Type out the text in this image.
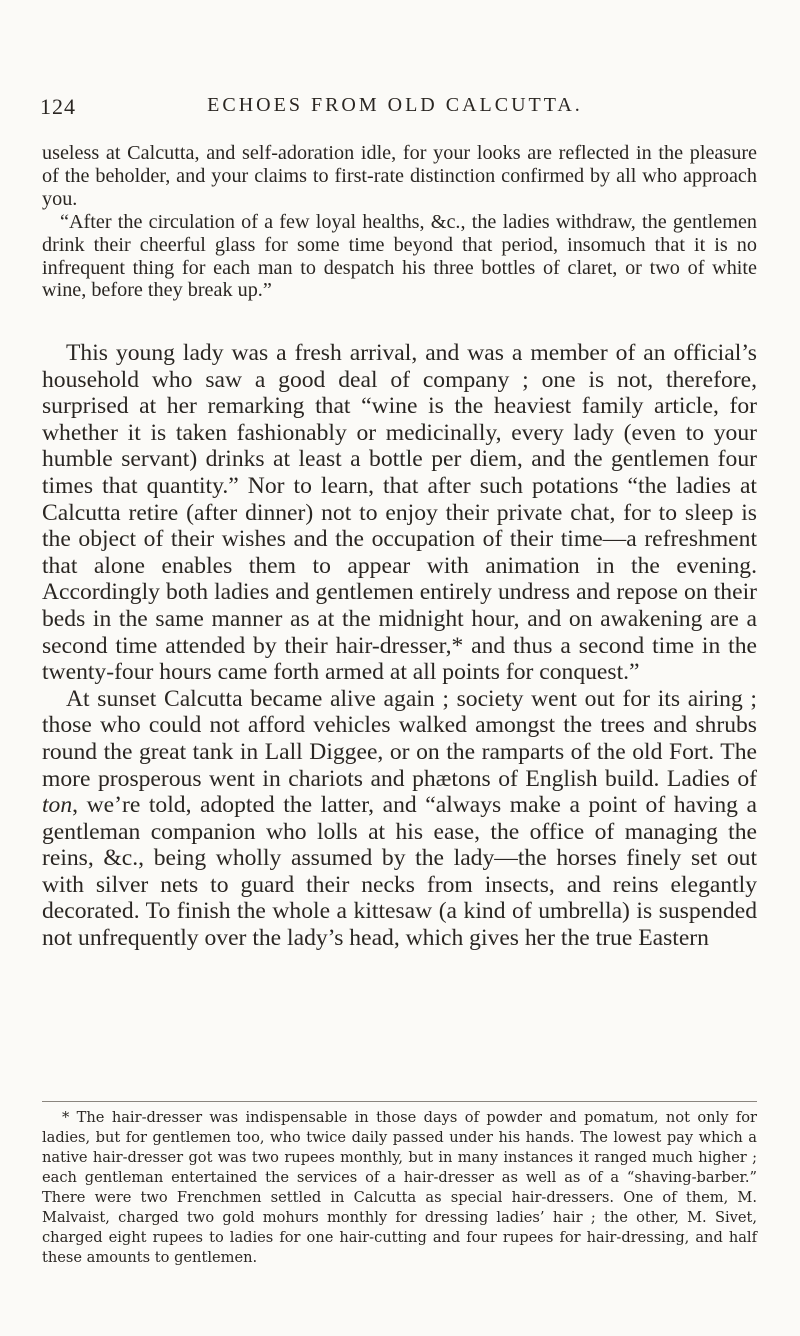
124	ECHOES FROM OLD CALCUTTA.

useless at Calcutta, and self-adoration idle, for your looks are reflected in the pleasure of the beholder, and your claims to first-rate distinction confirmed by all who approach you.

“After the circulation of a few loyal healths, &c., the ladies withdraw, the gentlemen drink their cheerful glass for some time beyond that period, insomuch that it is no infrequent thing for each man to despatch his three bottles of claret, or two of white wine, before they break up.”

This young lady was a fresh arrival, and was a member of an official’s household who saw a good deal of company ; one is not, therefore, surprised at her remarking that “wine is the heaviest family article, for whether it is taken fashionably or medicinally, every lady (even to your humble servant) drinks at least a bottle per diem, and the gentlemen four times that quantity.” Nor to learn, that after such potations “the ladies at Calcutta retire (after dinner) not to enjoy their private chat, for to sleep is the object of their wishes and the occupation of their time—a refreshment that alone enables them to appear with animation in the evening. Accordingly both ladies and gentlemen entirely undress and repose on their beds in the same manner as at the midnight hour, and on awakening are a second time attended by their hair-dresser,* and thus a second time in the twenty-four hours came forth armed at all points for conquest.”

At sunset Calcutta became alive again ; society went out for its airing ; those who could not afford vehicles walked amongst the trees and shrubs round the great tank in Lall Diggee, or on the ramparts of the old Fort. The more prosperous went in chariots and phætons of English build. Ladies of ton, we’re told, adopted the latter, and “always make a point of having a gentleman companion who lolls at his ease, the office of managing the reins, &c., being wholly assumed by the lady—the horses finely set out with silver nets to guard their necks from insects, and reins elegantly decorated. To finish the whole a kittesaw (a kind of umbrella) is suspended not unfrequently over the lady’s head, which gives her the true Eastern

* The hair-dresser was indispensable in those days of powder and pomatum, not only for ladies, but for gentlemen too, who twice daily passed under his hands. The lowest pay which a native hair-dresser got was two rupees monthly, but in many instances it ranged much higher ; each gentleman entertained the services of a hair-dresser as well as of a “shaving-barber.” There were two Frenchmen settled in Calcutta as special hair-dressers. One of them, M. Malvaist, charged two gold mohurs monthly for dressing ladies’ hair ; the other, M. Sivet, charged eight rupees to ladies for one hair-cutting and four rupees for hair-dressing, and half these amounts to gentlemen.
